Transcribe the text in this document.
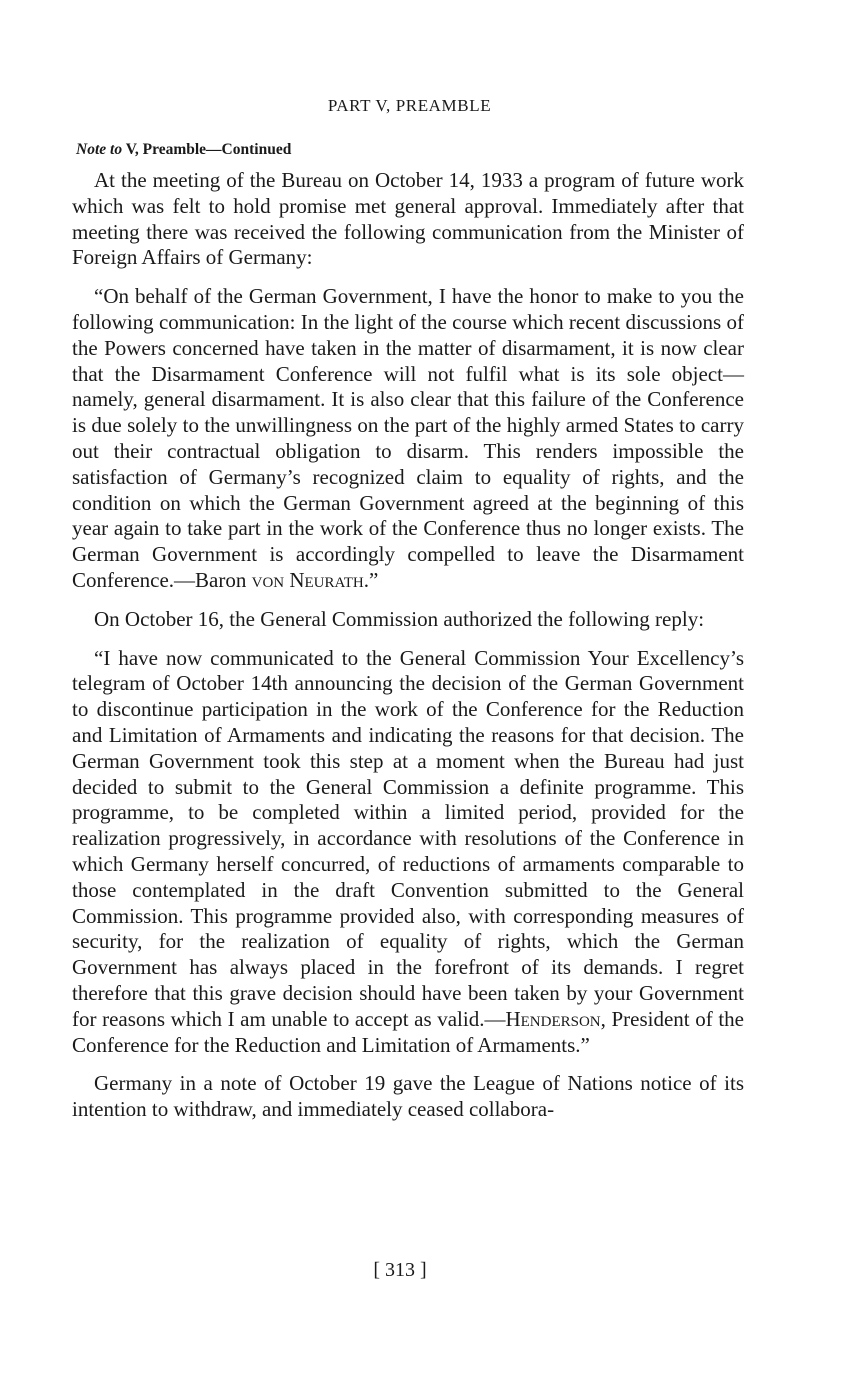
PART V, PREAMBLE
Note to V, Preamble—Continued

At the meeting of the Bureau on October 14, 1933 a program of future work which was felt to hold promise met general approval. Immediately after that meeting there was received the following communication from the Minister of Foreign Affairs of Germany:

“On behalf of the German Government, I have the honor to make to you the following communication: In the light of the course which recent discussions of the Powers concerned have taken in the matter of disarmament, it is now clear that the Disarmament Conference will not fulfil what is its sole object—namely, general disarmament. It is also clear that this failure of the Conference is due solely to the unwillingness on the part of the highly armed States to carry out their contractual obligation to disarm. This renders impossible the satisfaction of Germany’s recognized claim to equality of rights, and the condition on which the German Government agreed at the beginning of this year again to take part in the work of the Conference thus no longer exists. The German Government is accordingly compelled to leave the Disarmament Conference.—Baron von Neurath.”

On October 16, the General Commission authorized the following reply:

“I have now communicated to the General Commission Your Excellency’s telegram of October 14th announcing the decision of the German Government to discontinue participation in the work of the Conference for the Reduction and Limitation of Armaments and indicating the reasons for that decision. The German Government took this step at a moment when the Bureau had just decided to submit to the General Commission a definite programme. This programme, to be completed within a limited period, provided for the realization progressively, in accordance with resolutions of the Conference in which Germany herself concurred, of reductions of armaments comparable to those contemplated in the draft Convention submitted to the General Commission. This programme provided also, with corresponding measures of security, for the realization of equality of rights, which the German Government has always placed in the forefront of its demands. I regret therefore that this grave decision should have been taken by your Government for reasons which I am unable to accept as valid.—Henderson, President of the Conference for the Reduction and Limitation of Armaments.”

Germany in a note of October 19 gave the League of Nations notice of its intention to withdraw, and immediately ceased collabora-

[ 313 ]
